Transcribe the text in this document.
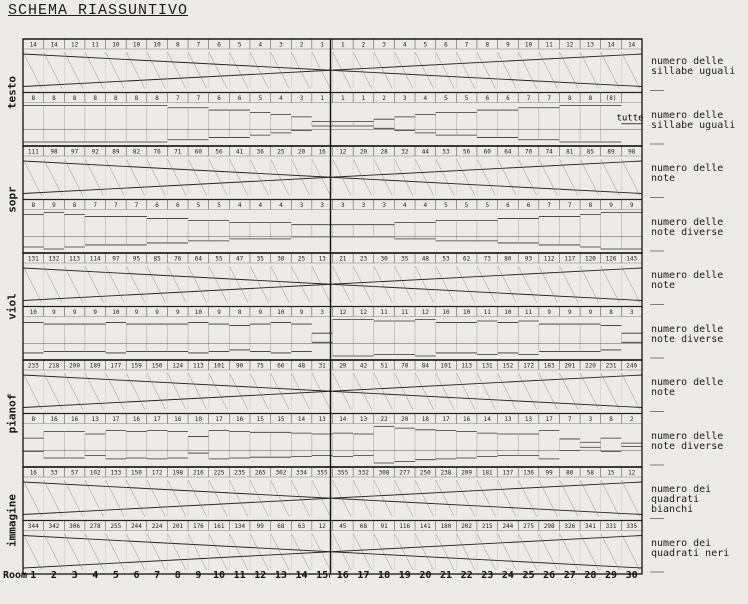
SCHEMA RIASSUNTIVO
14 14 12 11 10 10 10	8	7	6	5	4	3	2	1	1	2	3	4	5	6	7	8	9	10 11 12 13 14 14
8	8	8	8	8	8	8	7	7	6	6	5	4	3	1	1	1	2	3	4	5	5	6	6	7	7	8	8 (8)
tutte
111 98 97 92 89 82 76 71 60 56 41 36 25 20 16 12 20 28 32 44 53 56 60 64 70 74 81 85 89 98
8	9	8	7	7	7	6	6	5	5	4	4	4	3	3	3	3	3	4	4	5	5	5	6	6	7	7	8	9	9
131 132 113 114 97 95 85 76 64 55 47 35 30 25 13 21 23 30 35 48 53 62 73 80 93 112 117 120 126 143
10	9	9	9	10	9	9	9	10	9	8	9	10	9	3	12 12 11 11 12 10 10 11 10 11	9	9	9	8	3
233 218 200 189 177 159 150 124 113 101 90 75 66 48 31 29 42 51 70 84 101 113 131 152 172 183 201 220 231 240
8	16 16 13 17 16 17 16 10 17 16 15 15 14 13 14 13 22 20 18 17 16 14 13 13 17	7	3	8	2
16 33 57 102 133 150 172 198 216 225 235 265 302 334 355 355 332 308 277 250 238 209 181 137 136 99 80 58 15 12
344 342 306 278 255 244 224 201 176 161 134 99 68 63 12 45 68 91 116 141 180 202 215 244 275 298 326 341 331 335
Room 1 2 3 4 5 6 7 8 9 10 11 12 13 14 15 16 17 18 19 20 21 22 23 24 25 26 27 28 29 30
numero delle sillabe uguali
numero delle sillabe uguali
testo
numero delle note
numero delle note diverse
sopr
numero delle note
numero delle note diverse
viol
numero delle note
numero delle note diverse
pianof
numero dei quadrati bianchi
numero dei quadrati neri
immagine
